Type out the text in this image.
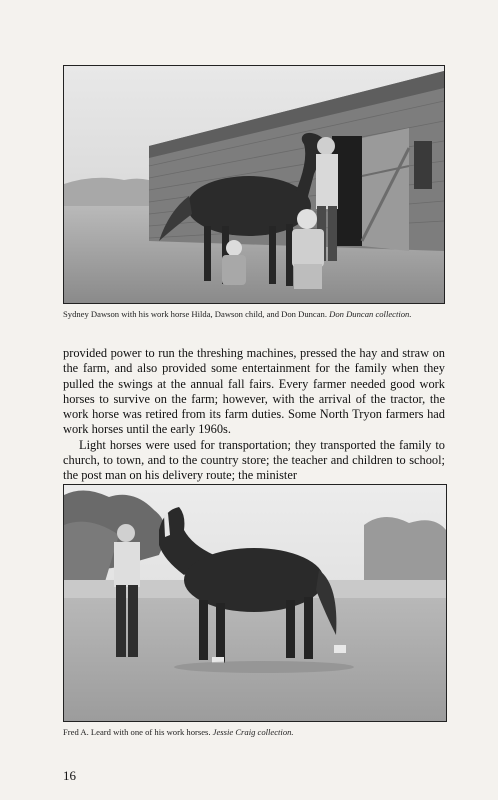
Sydney Dawson with his work horse Hilda, Dawson child, and Don Duncan. Don Duncan collection.

provided power to run the threshing machines, pressed the hay and straw on the farm, and also provided some entertainment for the family when they pulled the swings at the annual fall fairs. Every farmer needed good work horses to survive on the farm; however, with the arrival of the tractor, the work horse was retired from its farm duties. Some North Tryon farmers had work horses until the early 1960s.

Light horses were used for transportation; they transported the family to church, to town, and to the country store; the teacher and children to school; the post man on his delivery route; the minister

Fred A. Leard with one of his work horses. Jessie Craig collection.
16
